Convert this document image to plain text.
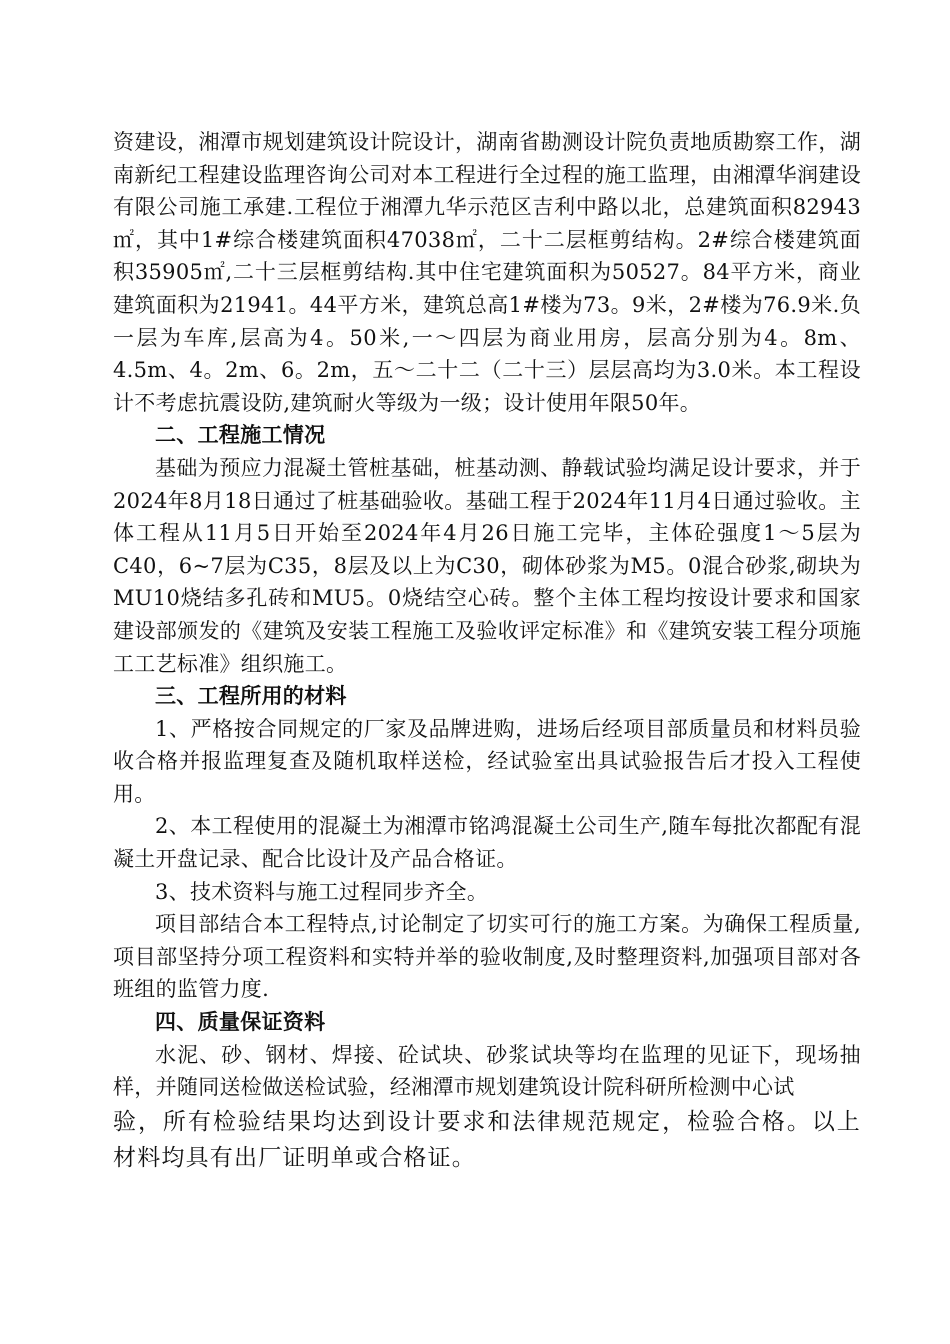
资建设，湘潭市规划建筑设计院设计，湖南省勘测设计院负责地质勘察工作，湖南新纪工程建设监理咨询公司对本工程进行全过程的施工监理，由湘潭华润建设有限公司施工承建.工程位于湘潭九华示范区吉利中路以北，总建筑面积82943㎡，其中1#综合楼建筑面积47038㎡，二十二层框剪结构。2#综合楼建筑面积35905㎡,二十三层框剪结构.其中住宅建筑面积为50527。84平方米，商业建筑面积为21941。44平方米，建筑总高1#楼为73。9米，2#楼为76.9米.负一层为车库,层高为4。50米,一～四层为商业用房，层高分别为4。8m、4.5m、4。2m、6。2m，五～二十二（二十三）层层高均为3.0米。本工程设计不考虑抗震设防,建筑耐火等级为一级；设计使用年限50年。

二、工程施工情况

基础为预应力混凝土管桩基础，桩基动测、静载试验均满足设计要求，并于2024年8月18日通过了桩基础验收。基础工程于2024年11月4日通过验收。主体工程从11月5日开始至2024年4月26日施工完毕，主体砼强度1～5层为C40，6~7层为C35，8层及以上为C30，砌体砂浆为M5。0混合砂浆,砌块为MU10烧结多孔砖和MU5。0烧结空心砖。整个主体工程均按设计要求和国家建设部颁发的《建筑及安装工程施工及验收评定标准》和《建筑安装工程分项施工工艺标准》组织施工。

三、工程所用的材料

1、严格按合同规定的厂家及品牌进购，进场后经项目部质量员和材料员验收合格并报监理复查及随机取样送检，经试验室出具试验报告后才投入工程使用。

2、本工程使用的混凝土为湘潭市铭鸿混凝土公司生产,随车每批次都配有混凝土开盘记录、配合比设计及产品合格证。

3、技术资料与施工过程同步齐全。

项目部结合本工程特点,讨论制定了切实可行的施工方案。为确保工程质量,项目部坚持分项工程资料和实特并举的验收制度,及时整理资料,加强项目部对各班组的监管力度.

四、质量保证资料

水泥、砂、钢材、焊接、砼试块、砂浆试块等均在监理的见证下，现场抽样，并随同送检做送检试验，经湘潭市规划建筑设计院科研所检测中心试

验，所有检验结果均达到设计要求和法律规范规定，检验合格。以上材料均具有出厂证明单或合格证。
